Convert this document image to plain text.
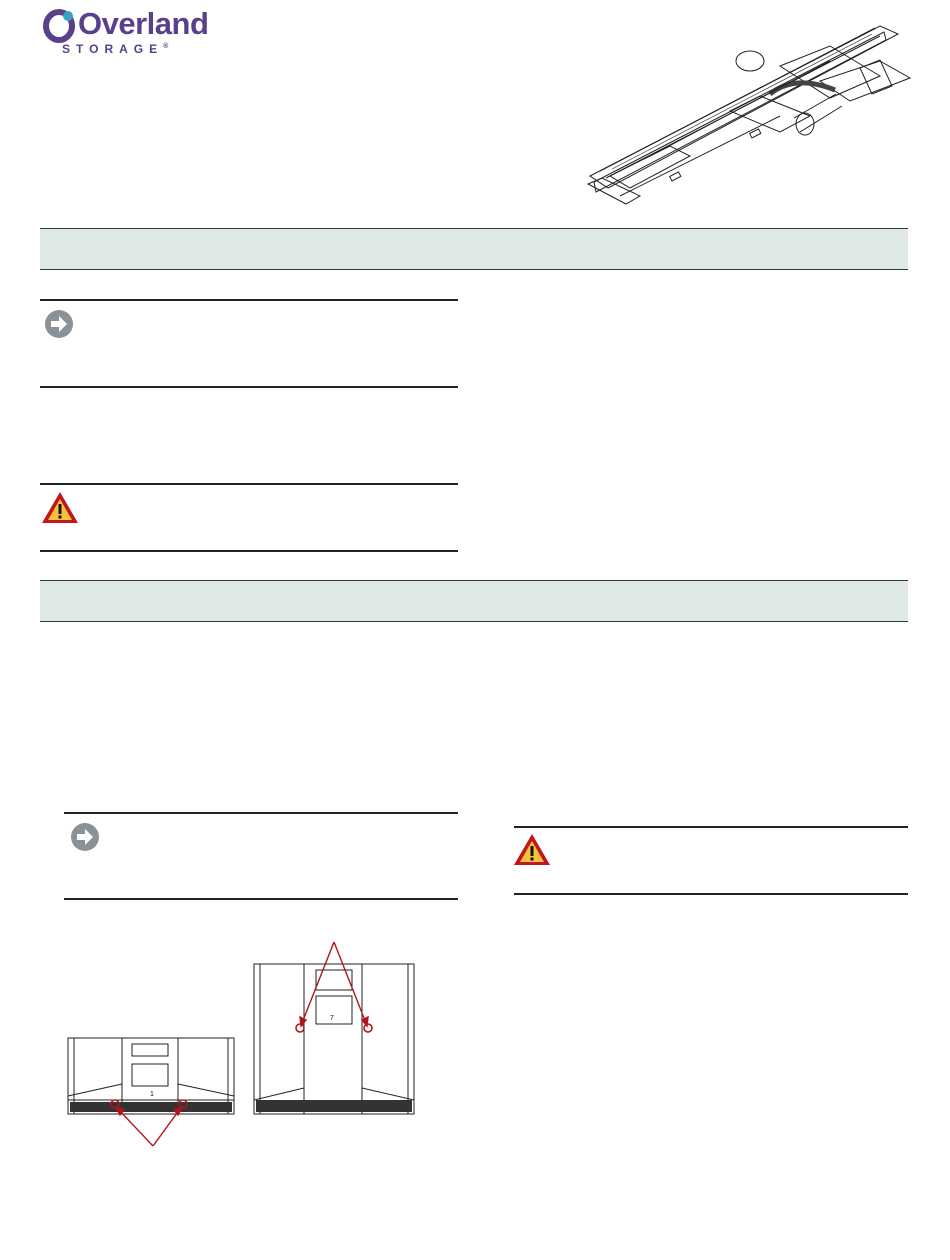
Overland
STORAGE®
1
7
